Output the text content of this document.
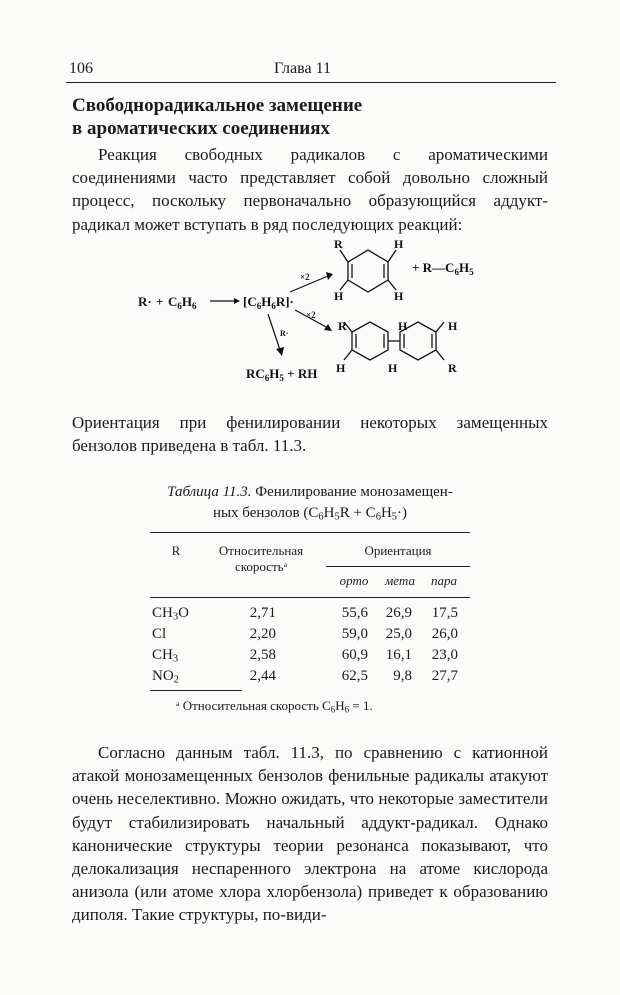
106	Глава 11
Свободнорадикальное замещение
в ароматических соединениях

Реакция свободных радикалов с ароматическими соединениями часто представляет собой довольно сложный процесс, поскольку первоначально образующийся аддукт-радикал может вступать в ряд последующих реакций:

$R\cdot + C_6H_6$	$[C_6H_6R]\cdot$
×2
R	H
H	H
+ $R—C_6H_5$
×2
R	H	H
H	H	R
R·
$RC_6H_5$ + RH

Ориентация при фенилировании некоторых замещенных бензолов приведена в табл. 11.3.

Таблица 11.3. Фенилирование монозамещен-
ных бензолов $(C_6H_5R + C_6H_5\cdot)$
R	Относительная
скорость$^а$
Ориентация
орто	мета	пара
$CH_3O$	2,71	55,6	26,9	17,5
Cl	2,20	59,0	25,0	26,0
$CH_3$	2,58	60,9	16,1	23,0
$NO_2$	2,44	62,5	9,8	27,7
$^а$ Относительная скорость $C_6H_6 = 1$.

Согласно данным табл. 11.3, по сравнению с катионной атакой монозамещенных бензолов фенильные радикалы атакуют очень неселективно. Можно ожидать, что некоторые заместители будут стабилизировать начальный аддукт-радикал. Однако канонические структуры теории резонанса показывают, что делокализация неспаренного электрона на атоме кислорода анизола (или атоме хлора хлорбензола) приведет к образованию диполя. Такие структуры, по-види-
